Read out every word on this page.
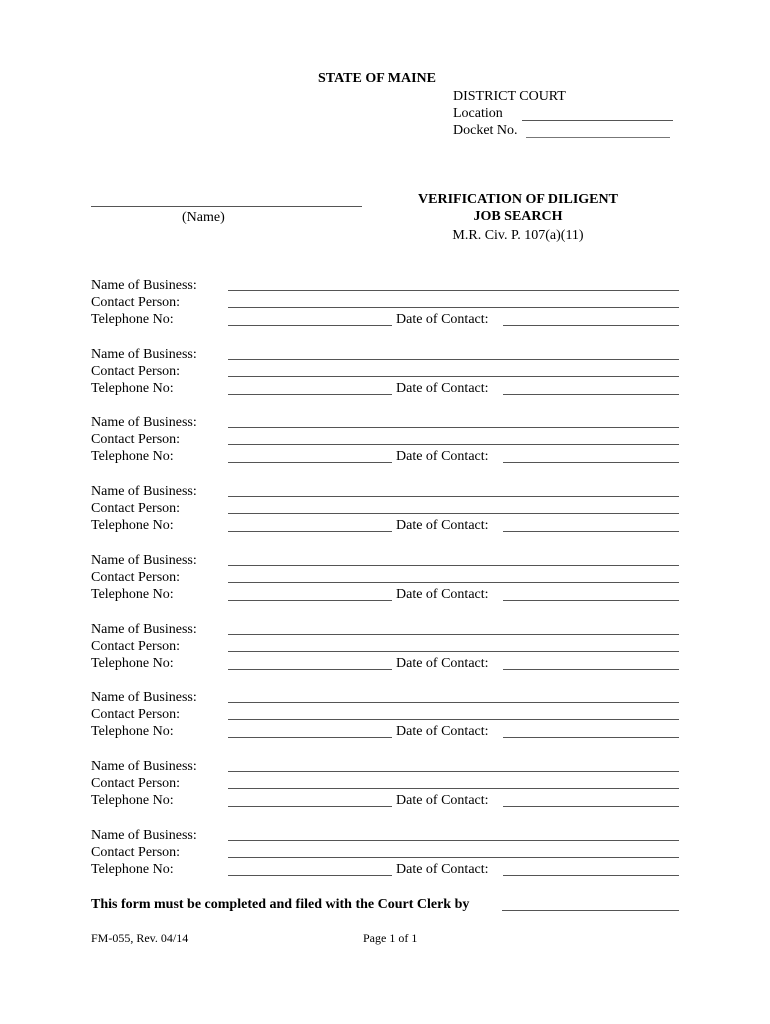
STATE OF MAINE
DISTRICT COURT
Location
Docket No.
(Name)
VERIFICATION OF DILIGENT
JOB SEARCH
M.R. Civ. P. 107(a)(11)
Name of Business:
Contact Person:
Telephone No:	Date of Contact:
Name of Business:
Contact Person:
Telephone No:	Date of Contact:
Name of Business:
Contact Person:
Telephone No:	Date of Contact:
Name of Business:
Contact Person:
Telephone No:	Date of Contact:
Name of Business:
Contact Person:
Telephone No:	Date of Contact:
Name of Business:
Contact Person:
Telephone No:	Date of Contact:
Name of Business:
Contact Person:
Telephone No:	Date of Contact:
Name of Business:
Contact Person:
Telephone No:	Date of Contact:
Name of Business:
Contact Person:
Telephone No:	Date of Contact:
This form must be completed and filed with the Court Clerk by
FM-055, Rev. 04/14	Page 1 of 1
